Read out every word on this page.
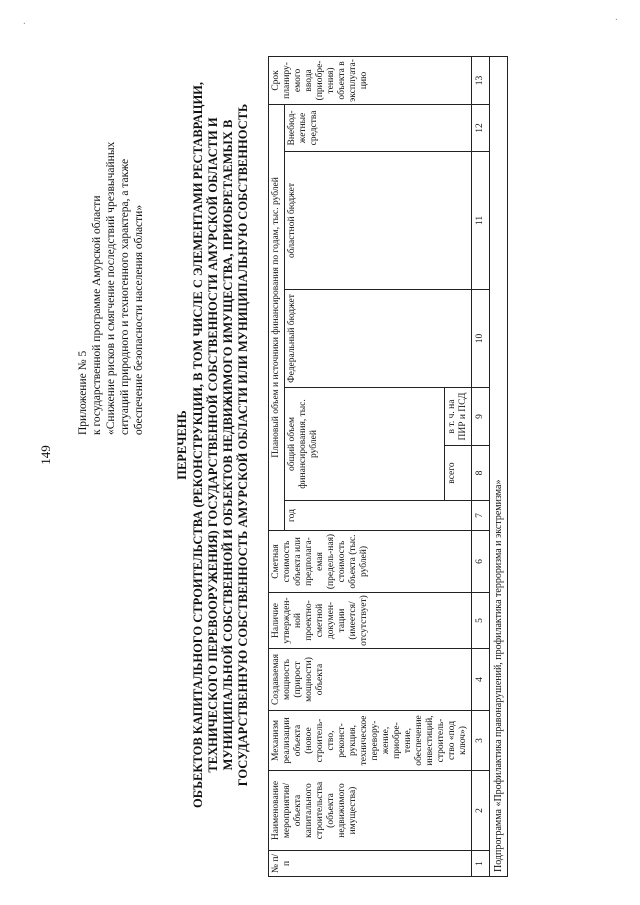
149
Приложение № 5 к государственной программе Амурской области «Снижение рисков и смягчение последствий чрезвычайных ситуаций природного и техногенного характера, а также обеспечение безопасности населения области»
ПЕРЕЧЕНЬ ОБЪЕКТОВ КАПИТАЛЬНОГО СТРОИТЕЛЬСТВА (РЕКОНСТРУКЦИИ, В ТОМ ЧИСЛЕ С ЭЛЕМЕНТАМИ РЕСТАВРАЦИИ, ТЕХНИЧЕСКОГО ПЕРЕВООРУЖЕНИЯ) ГОСУДАРСТВЕННОЙ СОБСТВЕННОСТИ АМУРСКОЙ ОБЛАСТИ И МУНИЦИПАЛЬНОЙ СОБСТВЕННОЙ И ОБЪЕКТОВ НЕДВИЖИМОГО ИМУЩЕСТВА, ПРИОБРЕТАЕМЫХ В ГОСУДАРСТВЕННУЮ СОБСТВЕННОСТЬ АМУРСКОЙ ОБЛАСТИ ИЛИ МУНИЦИПАЛЬНУЮ СОБСТВЕННОСТЬ
№ п/п	Наименование мероприятия/ объекта капитального строительства (объекта недвижимого имущества)	Механизм реализации объекта (новое строитель-ство, реконст-рукция, техническое перевору-жение, приобре-тение, обеспечение инвестиций, строитель-ство «под ключ»)	Создаваемая мощность (прирост мощности) объекта	Наличие утвержден-ной проектно-сметной докумен-тации (имеется/ отсутствует)	Сметная стоимость объекта или предполага-емая (предель-ная) стоимость объекта (тыс. рублей)	Плановый объем и источники финансирования по годам, тыс. рублей						Срок планиру-емого ввода (приобре-тения) объекта в эксплуата-цию
						год	общий объем финансирования, тыс. рублей		Федеральный бюджет	областной бюджет	Внебюд-жетные средства	
							всего	в т. ч. на ПИР и ПСД				
1	2	3	4	5	6	7	8	9	10	11	12	13
Подпрограмма «Профилактика правонарушений, профилактика терроризма и экстремизма»												
·
·
